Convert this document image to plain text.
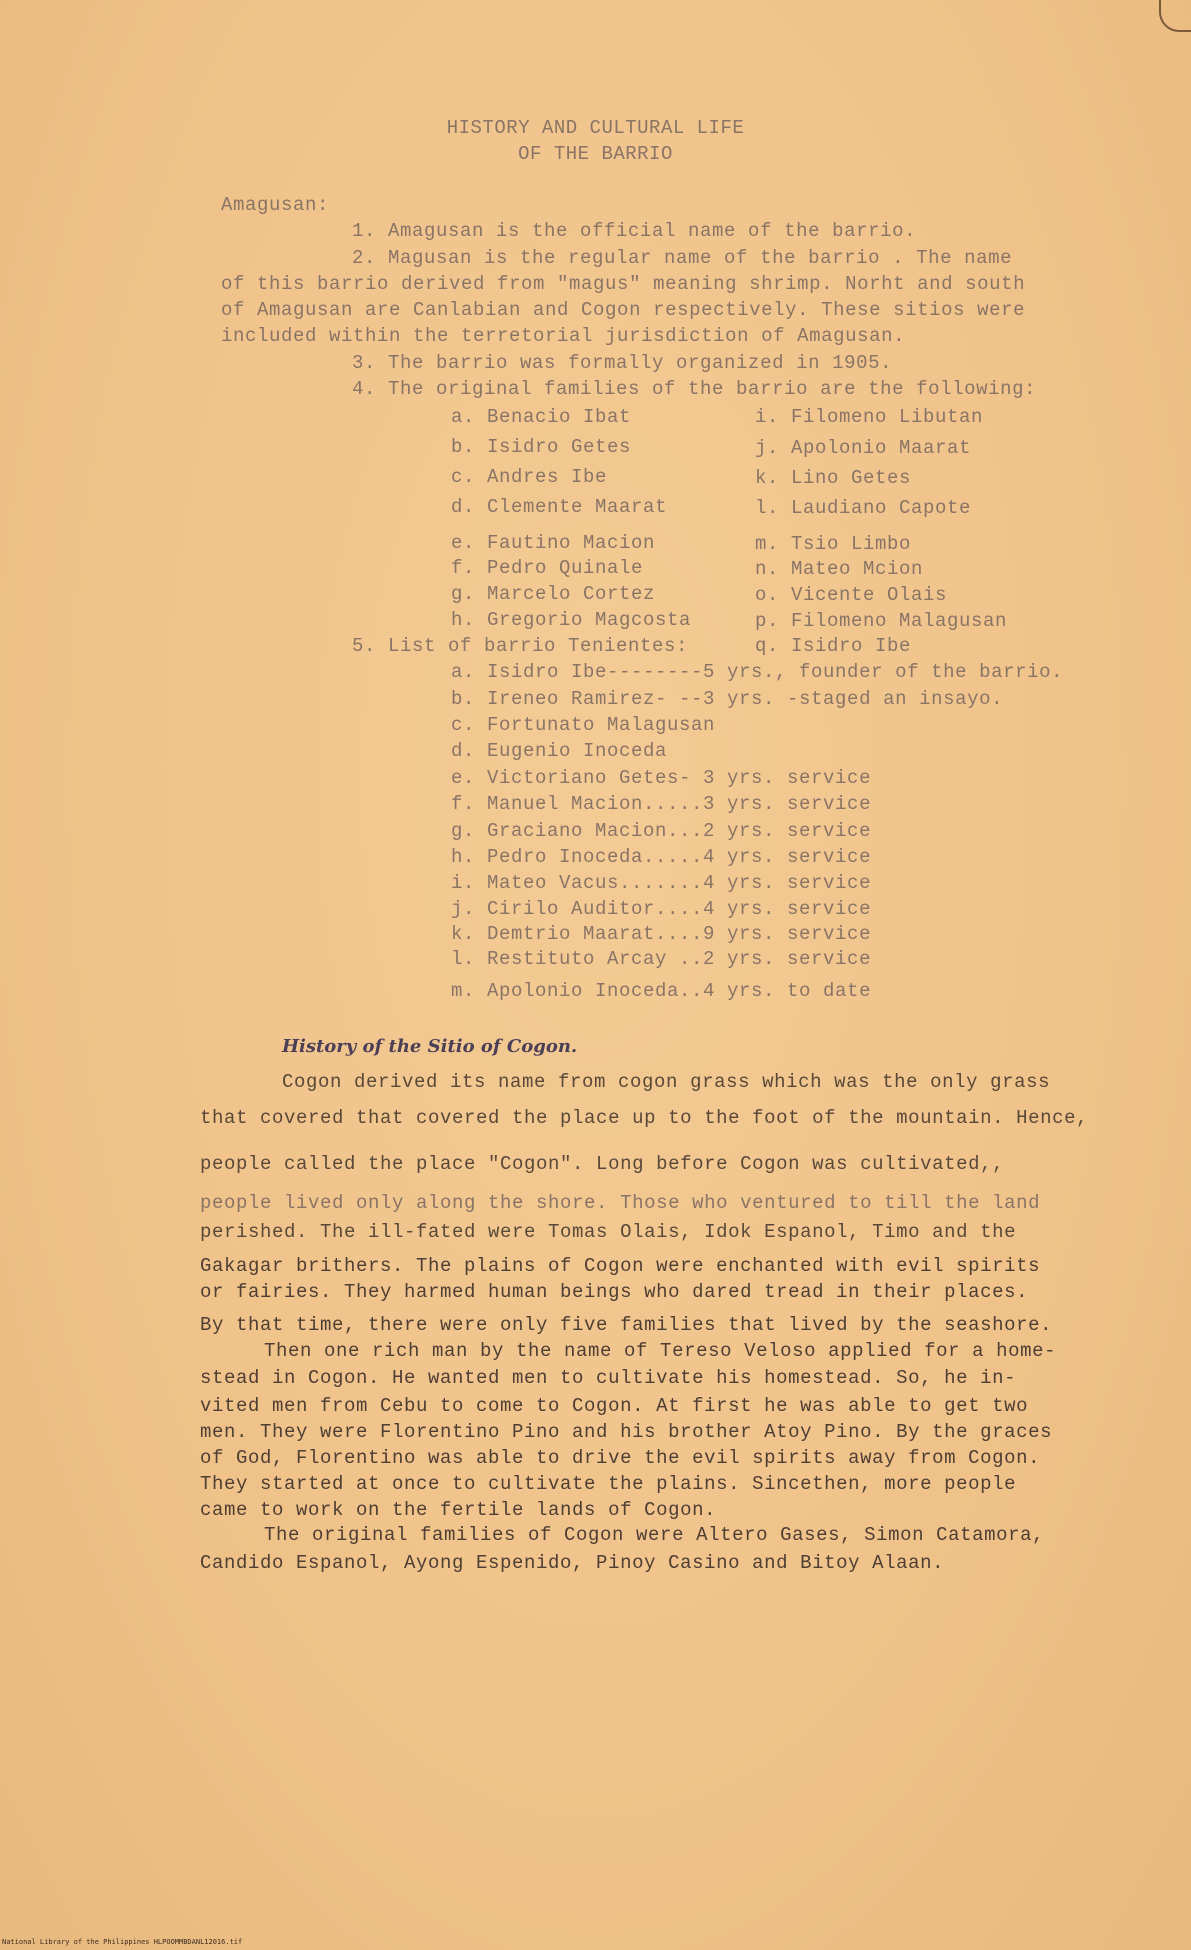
HISTORY AND CULTURAL LIFE
OF THE BARRIO
Amagusan:
1. Amagusan is the official name of the barrio.
2. Magusan is the regular name of the barrio . The name
of this barrio derived from "magus" meaning shrimp. Norht and south
of Amagusan are Canlabian and Cogon respectively. These sitios were
included within the terretorial jurisdiction of Amagusan.
3. The barrio was formally organized in 1905.
4. The original families of the barrio are the following:
a. Benacio Ibat
b. Isidro Getes
c. Andres Ibe
d. Clemente Maarat
e. Fautino Macion
f. Pedro Quinale
g. Marcelo Cortez
h. Gregorio Magcosta
i. Filomeno Libutan
j. Apolonio Maarat
k. Lino Getes
l. Laudiano Capote
m. Tsio Limbo
n. Mateo Mcion
o. Vicente Olais
p. Filomeno Malagusan
q. Isidro Ibe
5. List of barrio Tenientes:
a. Isidro Ibe--------5 yrs., founder of the barrio.
b. Ireneo Ramirez- --3 yrs. -staged an insayo.
c. Fortunato Malagusan
d. Eugenio Inoceda
e. Victoriano Getes- 3 yrs. service
f. Manuel Macion.....3 yrs. service
g. Graciano Macion...2 yrs. service
h. Pedro Inoceda.....4 yrs. service
i. Mateo Vacus.......4 yrs. service
j. Cirilo Auditor....4 yrs. service
k. Demtrio Maarat....9 yrs. service
l. Restituto Arcay ..2 yrs. service
m. Apolonio Inoceda..4 yrs. to date
History of the Sitio of Cogon.
Cogon derived its name from cogon grass which was the only grass
that covered that covered the place up to the foot of the mountain. Hence,
people called the place "Cogon". Long before Cogon was cultivated,,
people lived only along the shore. Those who ventured to till the land
perished. The ill-fated were Tomas Olais, Idok Espanol, Timo and the
Gakagar brithers. The plains of Cogon were enchanted with evil spirits
or fairies. They harmed human beings who dared tread in their places.
By that time, there were only five families that lived by the seashore.
Then one rich man by the name of Tereso Veloso applied for a home-
stead in Cogon. He wanted men to cultivate his homestead. So, he in-
vited men from Cebu to come to Cogon. At first he was able to get two
men. They were Florentino Pino and his brother Atoy Pino. By the graces
of God, Florentino was able to drive the evil spirits away from Cogon.
They started at once to cultivate the plains. Sincethen, more people
came to work on the fertile lands of Cogon.
The original families of Cogon were Altero Gases, Simon Catamora,
Candido Espanol, Ayong Espenido, Pinoy Casino and Bitoy Alaan.
National Library of the Philippines HLPOOMMBDANL12016.tif
